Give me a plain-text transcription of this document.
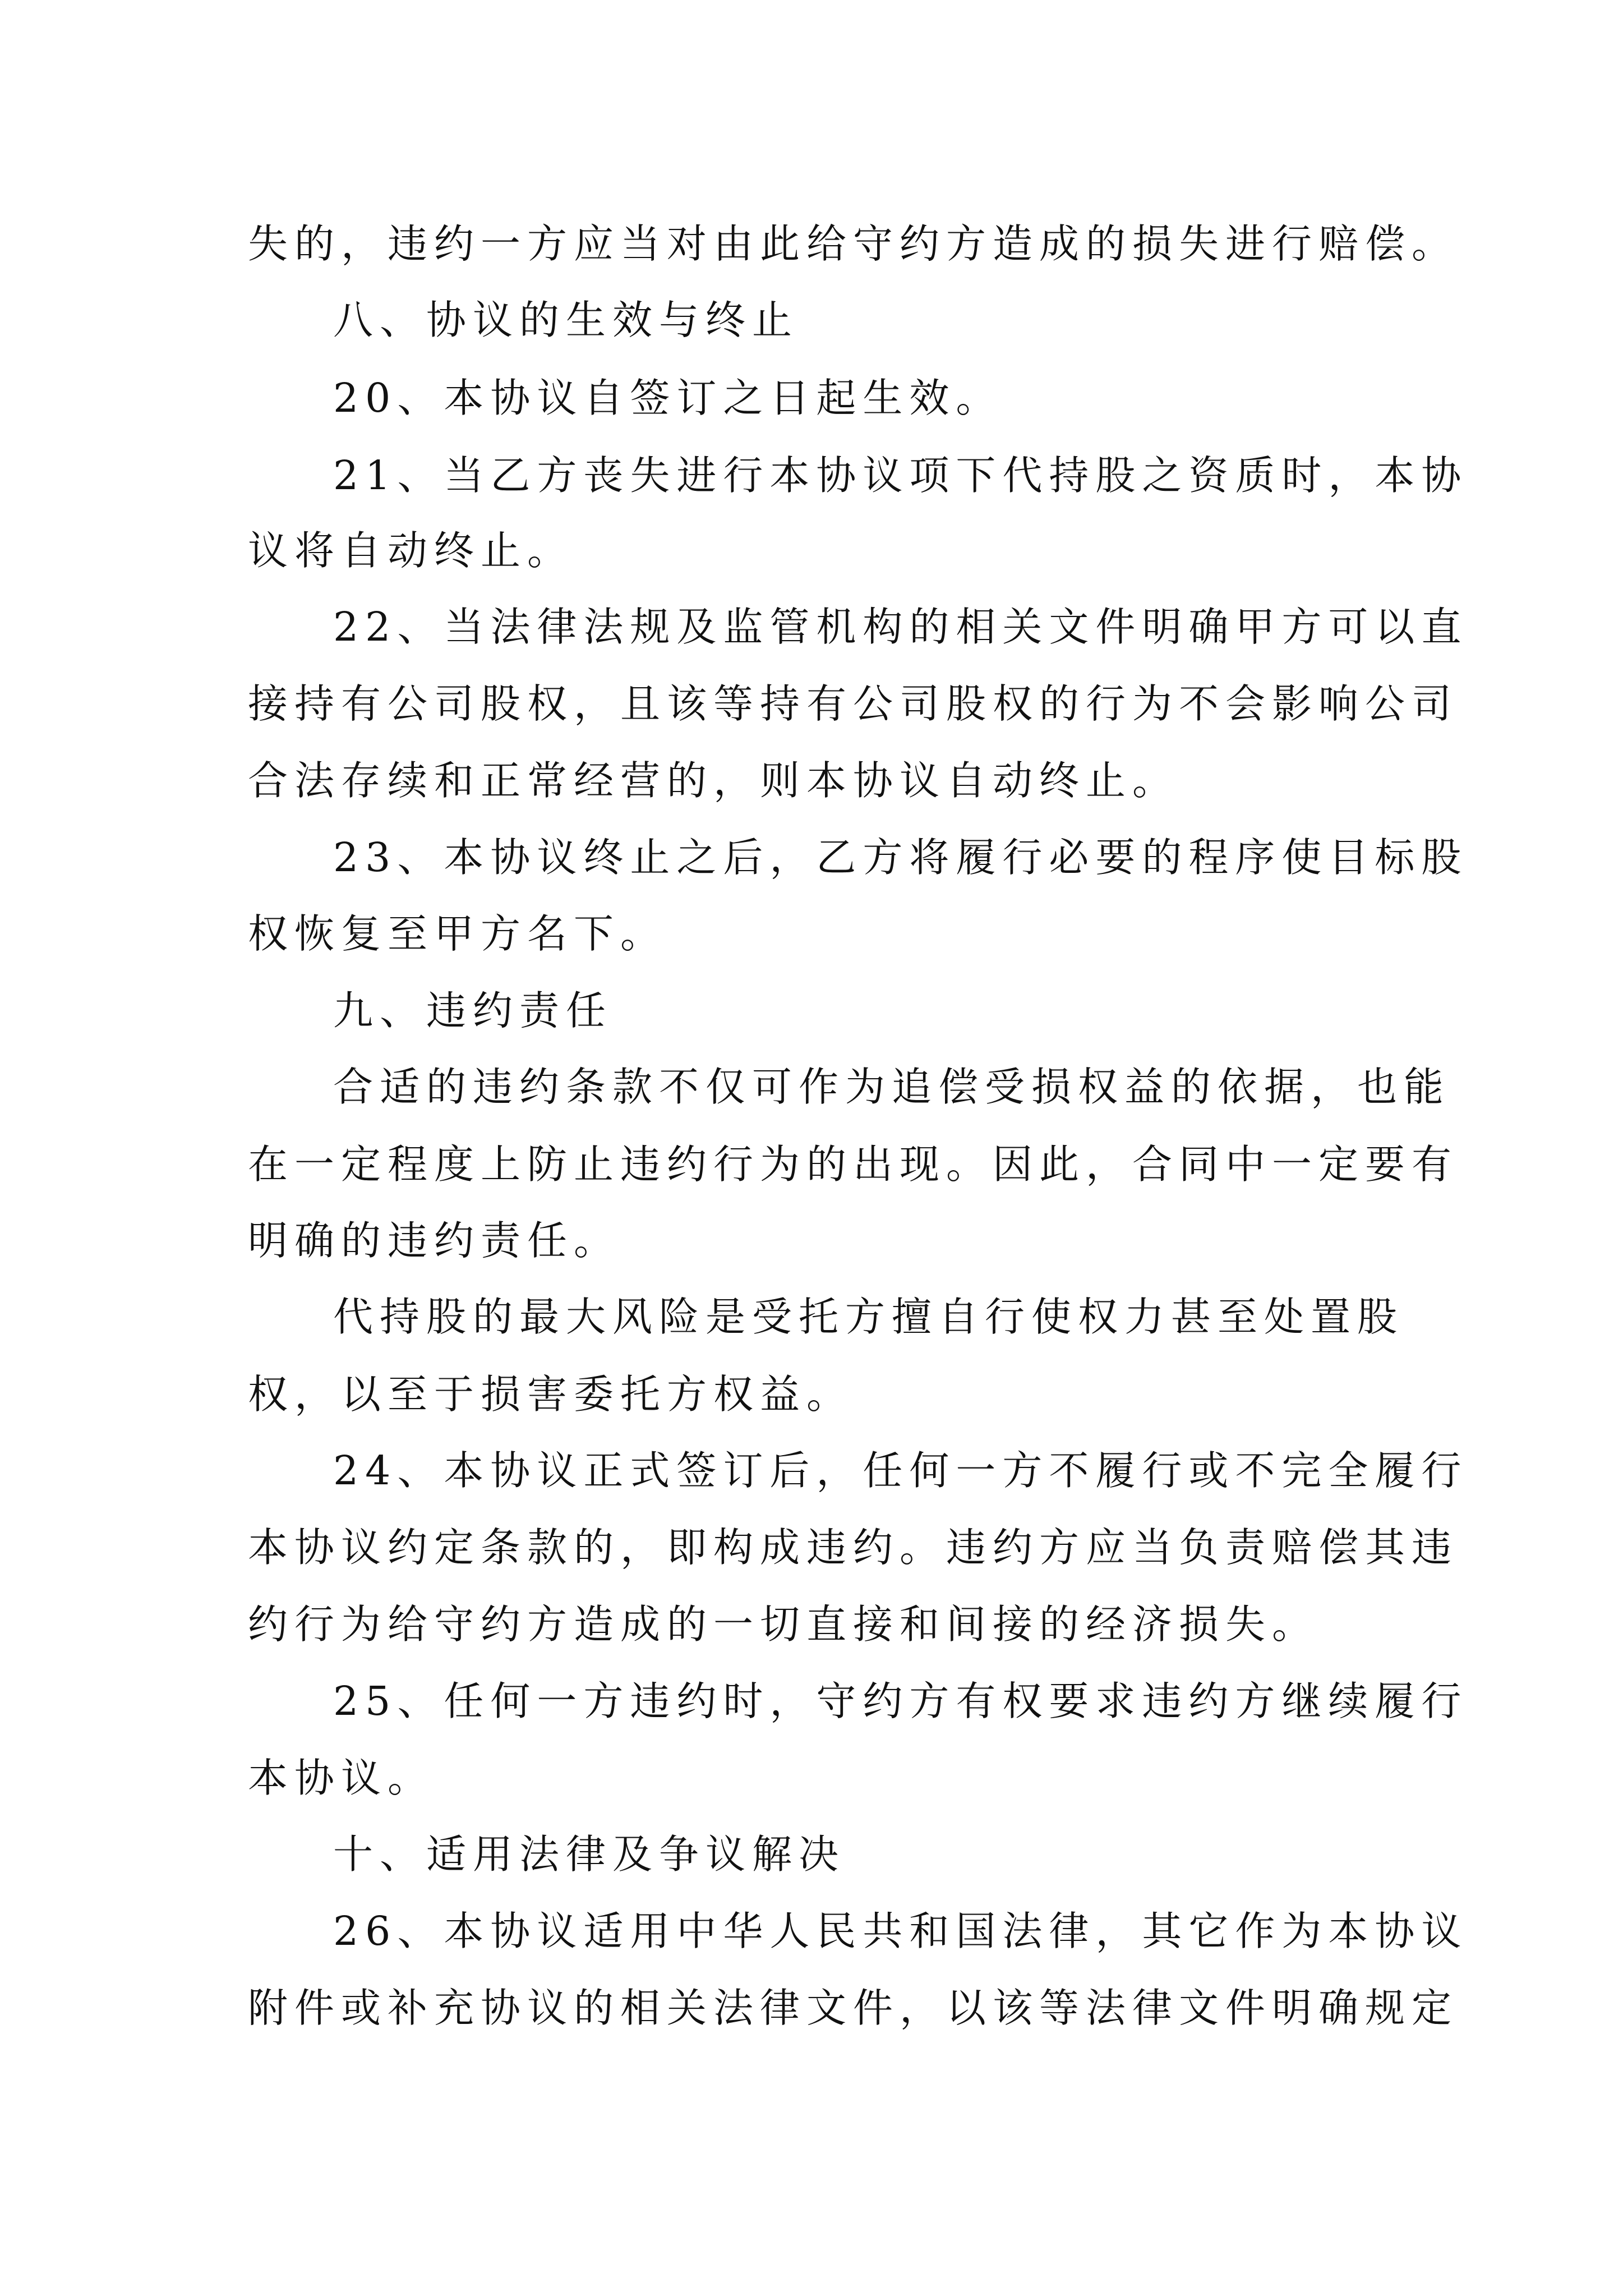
失的，违约一方应当对由此给守约方造成的损失进行赔偿。
八、协议的生效与终止
20、本协议自签订之日起生效。
21、当乙方丧失进行本协议项下代持股之资质时，本协
议将自动终止。
22、当法律法规及监管机构的相关文件明确甲方可以直
接持有公司股权，且该等持有公司股权的行为不会影响公司
合法存续和正常经营的，则本协议自动终止。
23、本协议终止之后，乙方将履行必要的程序使目标股
权恢复至甲方名下。
九、违约责任
合适的违约条款不仅可作为追偿受损权益的依据，也能
在一定程度上防止违约行为的出现。因此，合同中一定要有
明确的违约责任。
代持股的最大风险是受托方擅自行使权力甚至处置股
权，以至于损害委托方权益。
24、本协议正式签订后，任何一方不履行或不完全履行
本协议约定条款的，即构成违约。违约方应当负责赔偿其违
约行为给守约方造成的一切直接和间接的经济损失。
25、任何一方违约时，守约方有权要求违约方继续履行
本协议。
十、适用法律及争议解决
26、本协议适用中华人民共和国法律，其它作为本协议
附件或补充协议的相关法律文件，以该等法律文件明确规定
